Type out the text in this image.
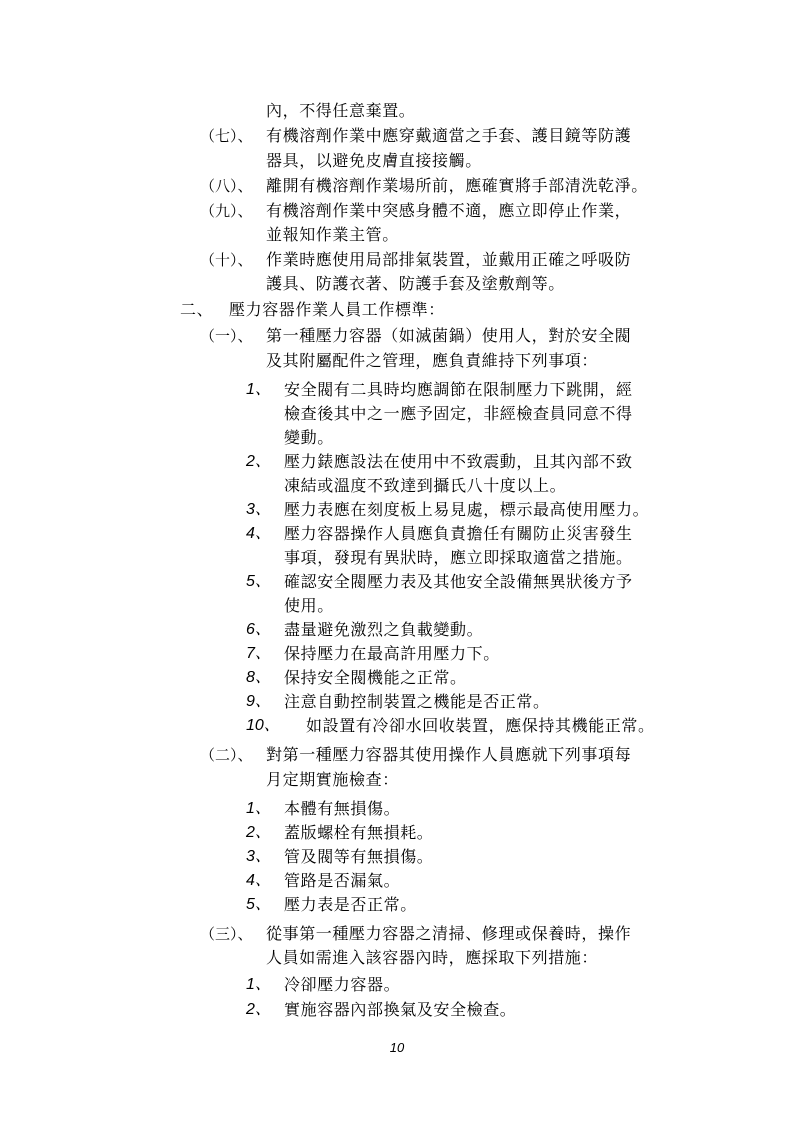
內，不得任意棄置。
（七）、 有機溶劑作業中應穿戴適當之手套、護目鏡等防護
器具，以避免皮膚直接接觸。
（八）、 離開有機溶劑作業場所前，應確實將手部清洗乾淨。
（九）、 有機溶劑作業中突感身體不適，應立即停止作業，
並報知作業主管。
（十）、 作業時應使用局部排氣裝置，並戴用正確之呼吸防
護具、防護衣著、防護手套及塗敷劑等。
二、 壓力容器作業人員工作標準：
（一）、 第一種壓力容器（如滅菌鍋）使用人，對於安全閥
及其附屬配件之管理，應負責維持下列事項：
1、 安全閥有二具時均應調節在限制壓力下跳開，經
檢查後其中之一應予固定，非經檢查員同意不得
變動。
2、 壓力錶應設法在使用中不致震動，且其內部不致
凍結或溫度不致達到攝氏八十度以上。
3、 壓力表應在刻度板上易見處，標示最高使用壓力。
4、 壓力容器操作人員應負責擔任有關防止災害發生
事項，發現有異狀時，應立即採取適當之措施。
5、 確認安全閥壓力表及其他安全設備無異狀後方予
使用。
6、 盡量避免激烈之負載變動。
7、 保持壓力在最高許用壓力下。
8、 保持安全閥機能之正常。
9、 注意自動控制裝置之機能是否正常。
10、 如設置有冷卻水回收裝置，應保持其機能正常。
（二）、 對第一種壓力容器其使用操作人員應就下列事項每
月定期實施檢查：
1、 本體有無損傷。
2、 蓋版螺栓有無損耗。
3、 管及閥等有無損傷。
4、 管路是否漏氣。
5、 壓力表是否正常。
（三）、 從事第一種壓力容器之清掃、修理或保養時，操作
人員如需進入該容器內時，應採取下列措施：
1、 冷卻壓力容器。
2、 實施容器內部換氣及安全檢查。
10
